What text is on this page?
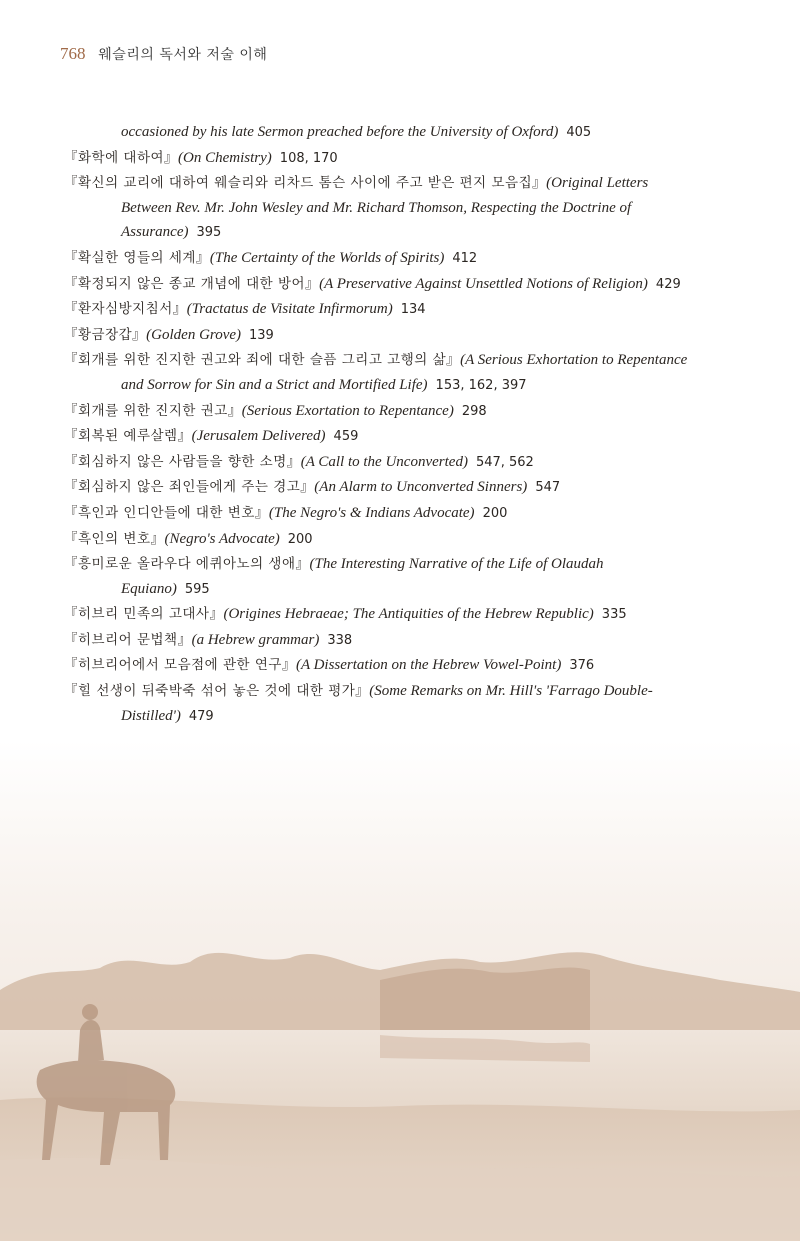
768 웨슬리의 독서와 저술 이해

occasioned by his late Sermon preached before the University of Oxford) 405

『화학에 대하여』(On Chemistry) 108, 170

『확신의 교리에 대하여 웨슬리와 리차드 톰슨 사이에 주고 받은 편지 모음집』(Original Letters Between Rev. Mr. John Wesley and Mr. Richard Thomson, Respecting the Doctrine of Assurance) 395

『확실한 영들의 세계』(The Certainty of the Worlds of Spirits) 412

『확정되지 않은 종교 개념에 대한 방어』(A Preservative Against Unsettled Notions of Religion) 429

『환자심방지침서』(Tractatus de Visitate Infirmorum) 134

『황금장갑』(Golden Grove) 139

『회개를 위한 진지한 권고와 죄에 대한 슬픔 그리고 고행의 삶』(A Serious Exhortation to Repentance and Sorrow for Sin and a Strict and Mortified Life) 153, 162, 397

『회개를 위한 진지한 권고』(Serious Exortation to Repentance) 298

『회복된 예루살렘』(Jerusalem Delivered) 459

『회심하지 않은 사람들을 향한 소명』(A Call to the Unconverted) 547, 562

『회심하지 않은 죄인들에게 주는 경고』(An Alarm to Unconverted Sinners) 547

『흑인과 인디안들에 대한 변호』(The Negro's & Indians Advocate) 200

『흑인의 변호』(Negro's Advocate) 200

『흥미로운 올라우다 에퀴아노의 생애』(The Interesting Narrative of the Life of Olaudah Equiano) 595

『히브리 민족의 고대사』(Origines Hebraeae; The Antiquities of the Hebrew Republic) 335

『히브리어 문법책』(a Hebrew grammar) 338

『히브리어에서 모음점에 관한 연구』(A Dissertation on the Hebrew Vowel-Point) 376

『힐 선생이 뒤죽박죽 섞어 놓은 것에 대한 평가』(Some Remarks on Mr. Hill's 'Farrago Double-Distilled') 479
